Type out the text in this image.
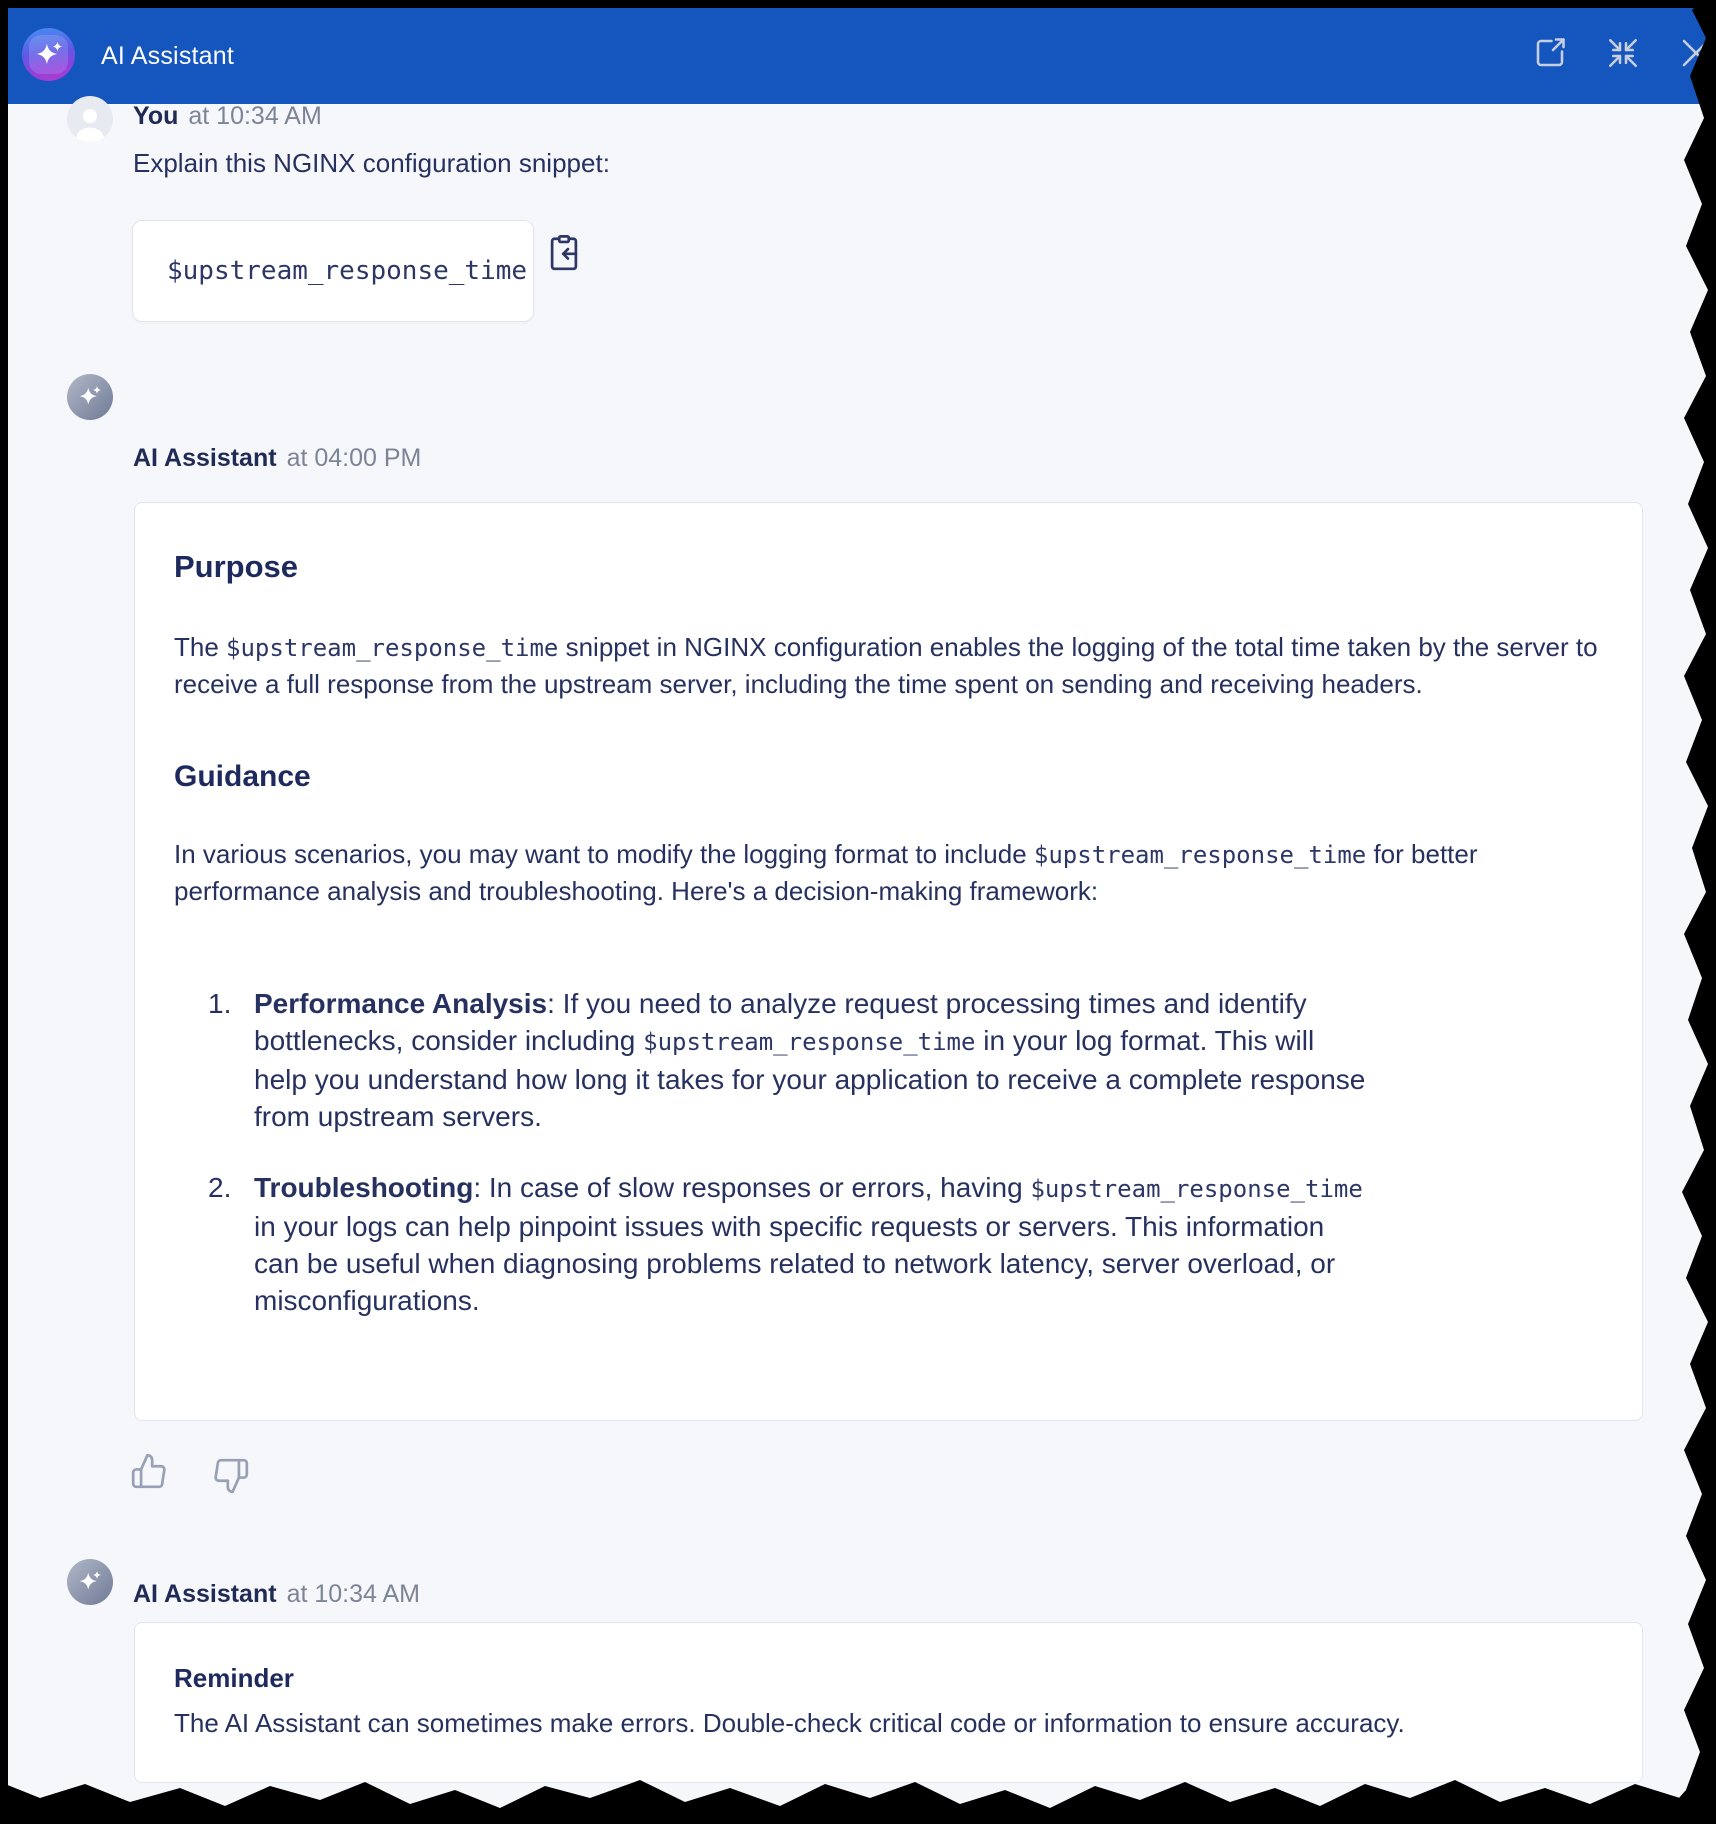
AI Assistant
You at 10:34 AM
Explain this NGINX configuration snippet:
$upstream_response_time
AI Assistant at 04:00 PM
Purpose

The $upstream_response_time snippet in NGINX configuration enables the logging of the total time taken by the server to receive a full response from the upstream server, including the time spent on sending and receiving headers.

Guidance

In various scenarios, you may want to modify the logging format to include $upstream_response_time for better performance analysis and troubleshooting. Here's a decision-making framework:

1. Performance Analysis: If you need to analyze request processing times and identify bottlenecks, consider including $upstream_response_time in your log format. This will help you understand how long it takes for your application to receive a complete response from upstream servers.
2. Troubleshooting: In case of slow responses or errors, having $upstream_response_time in your logs can help pinpoint issues with specific requests or servers. This information can be useful when diagnosing problems related to network latency, server overload, or misconfigurations.
AI Assistant at 10:34 AM
Reminder

The AI Assistant can sometimes make errors. Double-check critical code or information to ensure accuracy.
